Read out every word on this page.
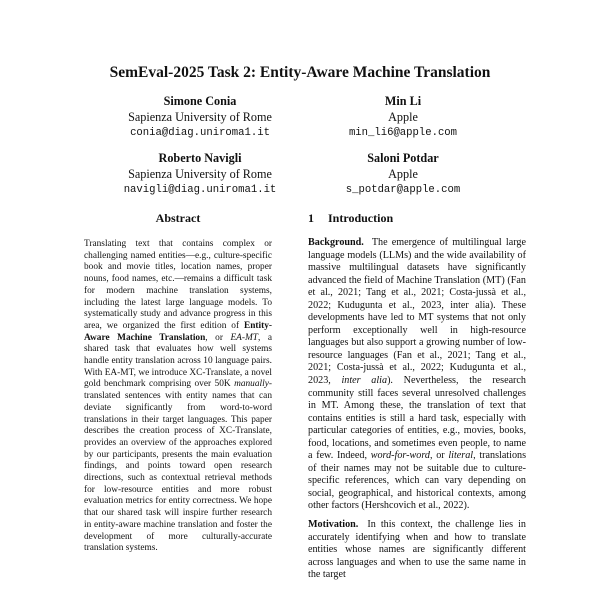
SemEval-2025 Task 2: Entity-Aware Machine Translation
Simone Conia
Sapienza University of Rome
conia@diag.uniroma1.it
Min Li
Apple
min_li6@apple.com
Roberto Navigli
Sapienza University of Rome
navigli@diag.uniroma1.it
Saloni Potdar
Apple
s_potdar@apple.com
Abstract

Translating text that contains complex or challenging named entities—e.g., culture-specific book and movie titles, location names, proper nouns, food names, etc.—remains a difficult task for modern machine translation systems, including the latest large language models. To systematically study and advance progress in this area, we organized the first edition of Entity-Aware Machine Translation, or EA-MT, a shared task that evaluates how well systems handle entity translation across 10 language pairs. With EA-MT, we introduce XC-Translate, a novel gold benchmark comprising over 50K manually-translated sentences with entity names that can deviate significantly from word-to-word translations in their target languages. This paper describes the creation process of XC-Translate, provides an overview of the approaches explored by our participants, presents the main evaluation findings, and points toward open research directions, such as contextual retrieval methods for low-resource entities and more robust evaluation metrics for entity correctness. We hope that our shared task will inspire further research in entity-aware machine translation and foster the development of more culturally-accurate translation systems.

1 Introduction

Background. The emergence of multilingual large language models (LLMs) and the wide availability of massive multilingual datasets have significantly advanced the field of Machine Translation (MT) (Fan et al., 2021; Tang et al., 2021; Costa-jussà et al., 2022; Kudugunta et al., 2023, inter alia). These developments have led to MT systems that not only perform exceptionally well in high-resource languages but also support a growing number of low-resource languages (Fan et al., 2021; Tang et al., 2021; Costa-jussà et al., 2022; Kudugunta et al., 2023, inter alia). Nevertheless, the research community still faces several unresolved challenges in MT. Among these, the translation of text that contains entities is still a hard task, especially with particular categories of entities, e.g., movies, books, food, locations, and sometimes even people, to name a few. Indeed, word-for-word, or literal, translations of their names may not be suitable due to culture-specific references, which can vary depending on social, geographical, and historical contexts, among other factors (Hershcovich et al., 2022).

Motivation. In this context, the challenge lies in accurately identifying when and how to translate entities whose names are significantly different across languages and when to use the same name in the target
